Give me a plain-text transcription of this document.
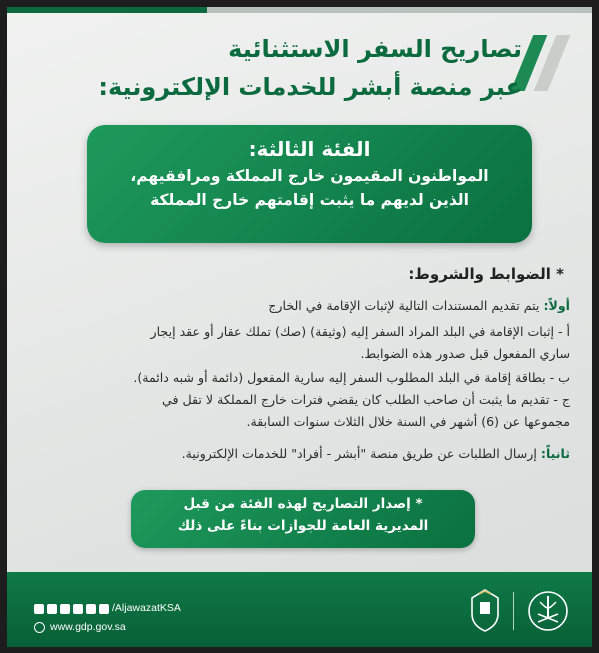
تصاريح السفر الاستثنائية
عبر منصة أبشر للخدمات الإلكترونية:
الفئة الثالثة:
المواطنون المقيمون خارج المملكة ومرافقيهم،
الذين لديهم ما يثبت إقامتهم خارج المملكة
* الضوابط والشروط:
أولاً: يتم تقديم المستندات التالية لإثبات الإقامة في الخارج
أ - إثبات الإقامة في البلد المراد السفر إليه (وثيقة) (صك) تملك عقار أو عقد إيجار
ساري المفعول قبل صدور هذه الضوابط.
ب - بطاقة إقامة في البلد المطلوب السفر إليه سارية المفعول (دائمة أو شبه دائمة).
ج - تقديم ما يثبت أن صاحب الطلب كان يقضي فترات خارج المملكة لا تقل في
مجموعها عن (6) أشهر في السنة خلال الثلاث سنوات السابقة.
ثانياً: إرسال الطلبات عن طريق منصة "أبشر - أفراد" للخدمات الإلكترونية.
* إصدار التصاريح لهذه الفئة من قبل
المديرية العامة للجوازات بناءً على ذلك
/AljawazatKSA
www.gdp.gov.sa
